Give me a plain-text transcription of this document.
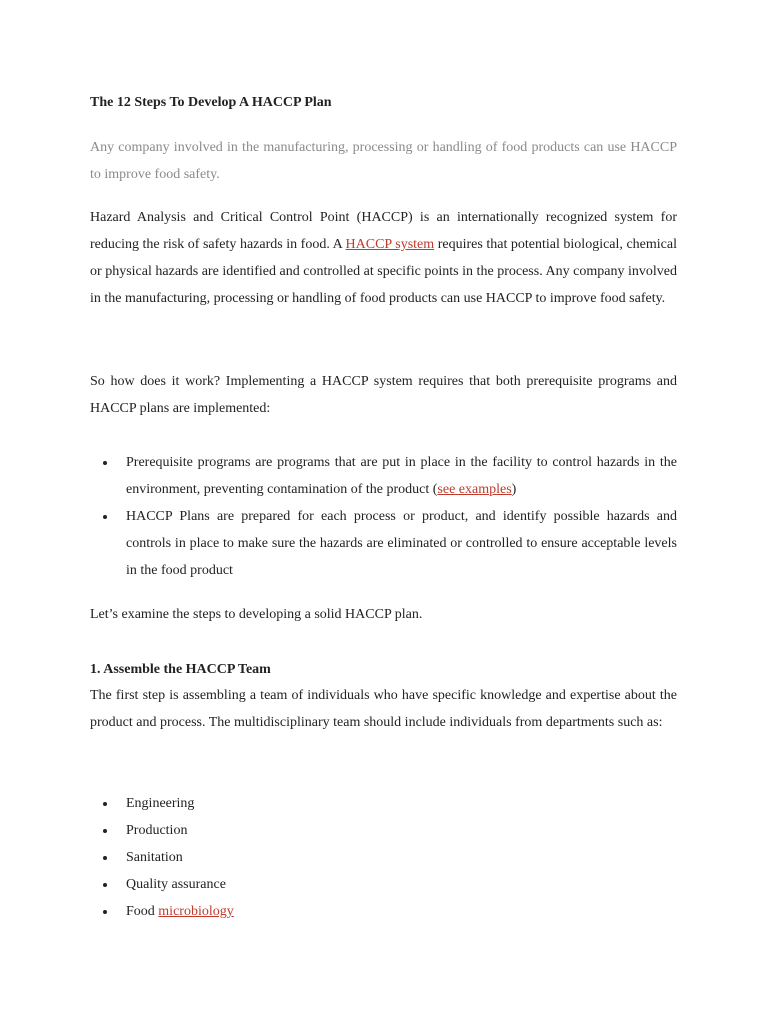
The 12 Steps To Develop A HACCP Plan

Any company involved in the manufacturing, processing or handling of food products can use HACCP to improve food safety.

Hazard Analysis and Critical Control Point (HACCP) is an internationally recognized system for reducing the risk of safety hazards in food. A HACCP system requires that potential biological, chemical or physical hazards are identified and controlled at specific points in the process. Any company involved in the manufacturing, processing or handling of food products can use HACCP to improve food safety.

So how does it work? Implementing a HACCP system requires that both prerequisite programs and HACCP plans are implemented:

Prerequisite programs are programs that are put in place in the facility to control hazards in the environment, preventing contamination of the product (see examples)
HACCP Plans are prepared for each process or product, and identify possible hazards and controls in place to make sure the hazards are eliminated or controlled to ensure acceptable levels in the food product

Let’s examine the steps to developing a solid HACCP plan.

1. Assemble the HACCP Team

The first step is assembling a team of individuals who have specific knowledge and expertise about the product and process. The multidisciplinary team should include individuals from departments such as:

Engineering
Production
Sanitation
Quality assurance
Food microbiology
